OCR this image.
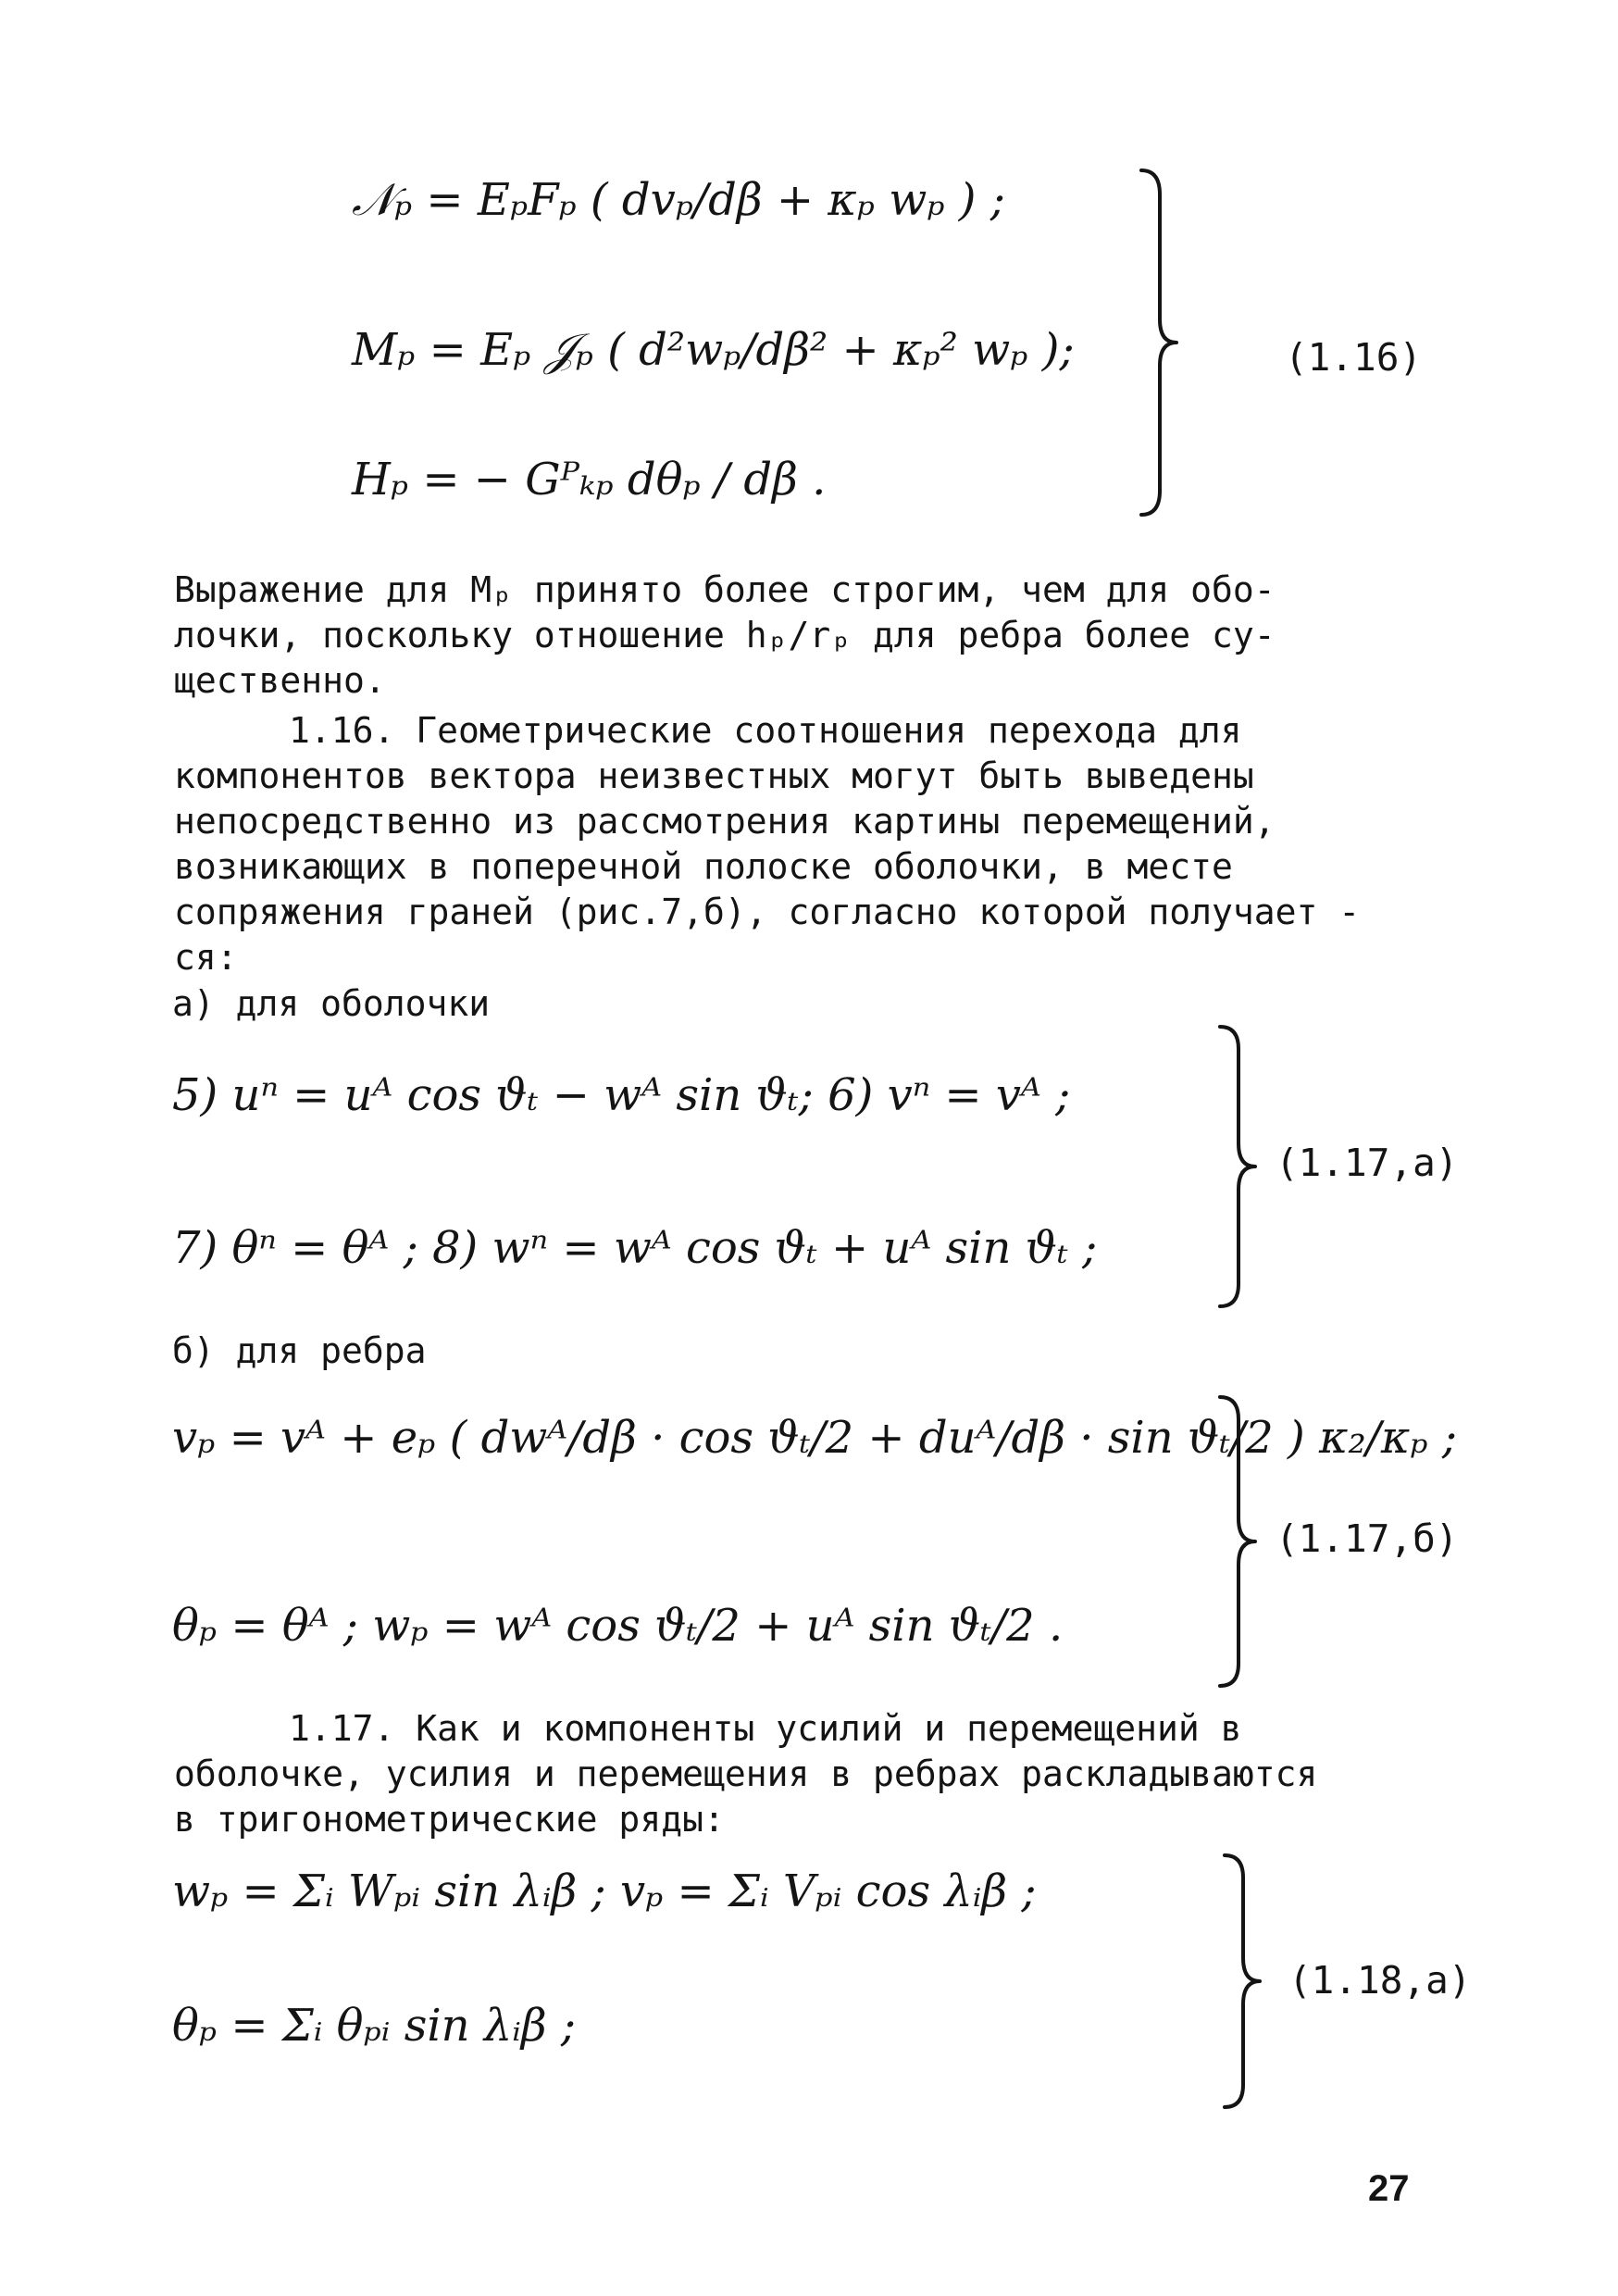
𝒩ₚ = EₚFₚ ( dvₚ/dβ + κₚ wₚ ) ;
Mₚ = Eₚ 𝒥ₚ ( d²wₚ/dβ² + κₚ² wₚ );
Hₚ = − Gᴾₖₚ dθₚ / dβ .
(1.16)
Выражение для Mₚ принято более строгим, чем для обо-
лочки, поскольку отношение hₚ/rₚ для ребра более су-
щественно.
1.16. Геометрические соотношения перехода для
компонентов вектора неизвестных могут быть выведены
непосредственно из рассмотрения картины перемещений,
возникающих в поперечной полоске оболочки, в месте
сопряжения граней (рис.7,б), согласно которой получает -
ся:
а) для оболочки
5) uⁿ = uᴬ cos ϑₜ − wᴬ sin ϑₜ; 6) vⁿ = vᴬ ;
7) θⁿ = θᴬ ; 8) wⁿ = wᴬ cos ϑₜ + uᴬ sin ϑₜ ;
(1.17,а)
б) для ребра
vₚ = vᴬ + eₚ ( dwᴬ/dβ · cos ϑₜ/2 + duᴬ/dβ · sin ϑₜ/2 ) κ₂/κₚ ;
θₚ = θᴬ ; wₚ = wᴬ cos ϑₜ/2 + uᴬ sin ϑₜ/2 .
(1.17,б)
1.17. Как и компоненты усилий и перемещений в
оболочке, усилия и перемещения в ребрах раскладываются
в тригонометрические ряды:
wₚ = Σᵢ Wₚᵢ sin λᵢβ ; vₚ = Σᵢ Vₚᵢ cos λᵢβ ;
θₚ = Σᵢ θₚᵢ sin λᵢβ ;
(1.18,а)
27
